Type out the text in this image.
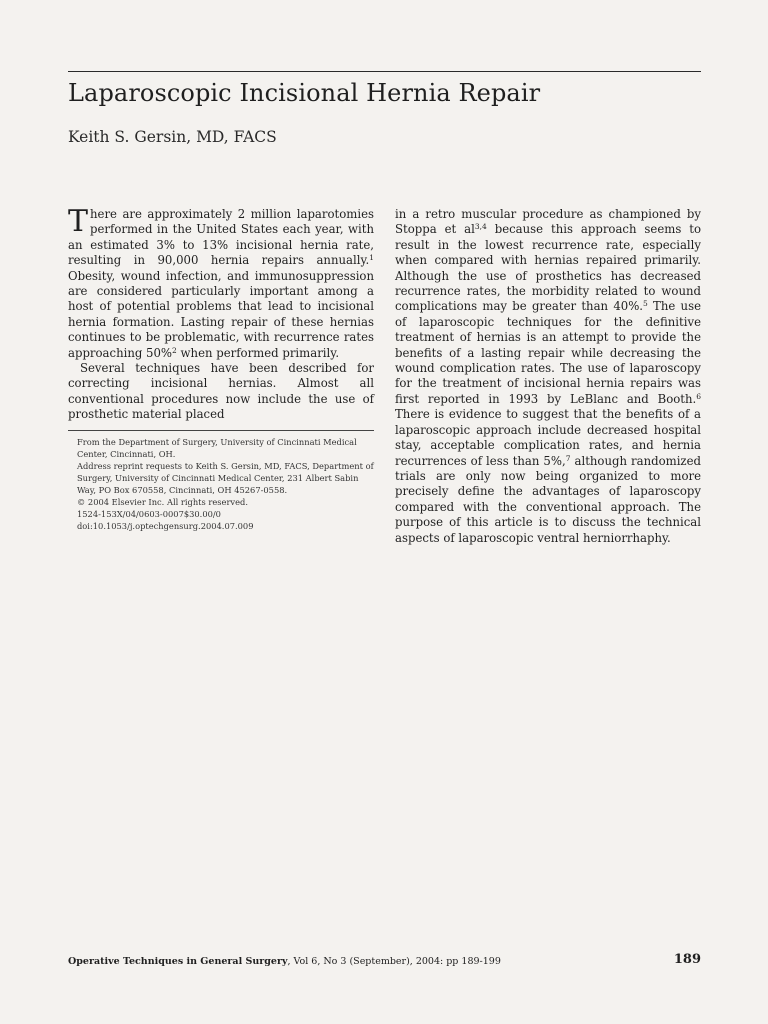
Laparoscopic Incisional Hernia Repair
Keith S. Gersin, MD, FACS

There are approximately 2 million laparotomies performed in the United States each year, with an estimated 3% to 13% incisional hernia rate, resulting in 90,000 hernia repairs annually.$^1$ Obesity, wound infection, and immunosuppression are considered particularly important among a host of potential problems that lead to incisional hernia formation. Lasting repair of these hernias continues to be problematic, with recurrence rates approaching 50%$^2$ when performed primarily.

Several techniques have been described for correcting incisional hernias. Almost all conventional procedures now include the use of prosthetic material placed

in a retro muscular procedure as championed by Stoppa et al$^{3,4}$ because this approach seems to result in the lowest recurrence rate, especially when compared with hernias repaired primarily. Although the use of prosthetics has decreased recurrence rates, the morbidity related to wound complications may be greater than 40%.$^5$ The use of laparoscopic techniques for the definitive treatment of hernias is an attempt to provide the benefits of a lasting repair while decreasing the wound complication rates. The use of laparoscopy for the treatment of incisional hernia repairs was first reported in 1993 by LeBlanc and Booth.$^6$ There is evidence to suggest that the benefits of a laparoscopic approach include decreased hospital stay, acceptable complication rates, and hernia recurrences of less than 5%,$^7$ although randomized trials are only now being organized to more precisely define the advantages of laparoscopy compared with the conventional approach. The purpose of this article is to discuss the technical aspects of laparoscopic ventral herniorrhaphy.

From the Department of Surgery, University of Cincinnati Medical Center, Cincinnati, OH.
Address reprint requests to Keith S. Gersin, MD, FACS, Department of Surgery, University of Cincinnati Medical Center, 231 Albert Sabin Way, PO Box 670558, Cincinnati, OH 45267-0558.
© 2004 Elsevier Inc. All rights reserved.
1524-153X/04/0603-0007$30.00/0
doi:10.1053/j.optechgensurg.2004.07.009
Operative Techniques in General Surgery, Vol 6, No 3 (September), 2004: pp 189-199	189
